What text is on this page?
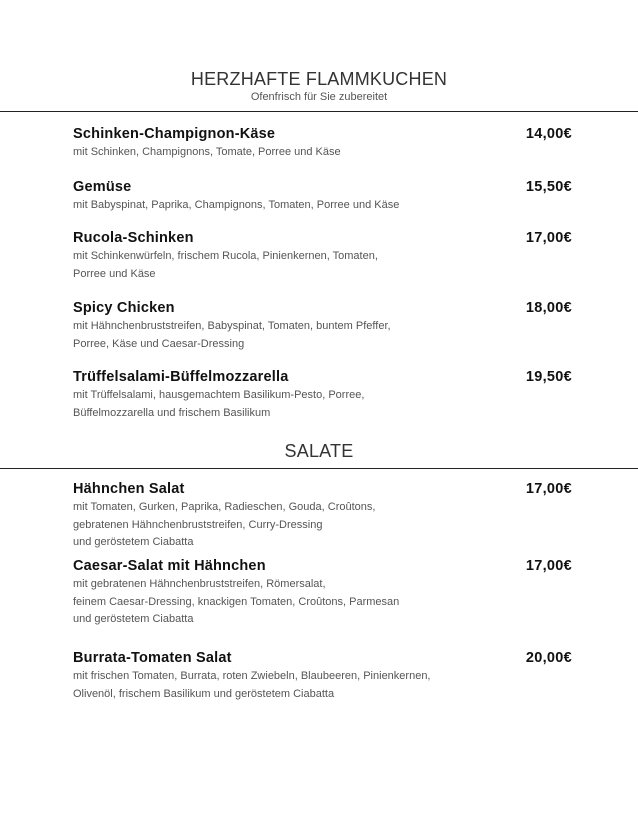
HERZHAFTE FLAMMKUCHEN

Ofenfrisch für Sie zubereitet

Schinken-Champignon-Käse	14,00€
mit Schinken, Champignons, Tomate, Porree und Käse
Gemüse	15,50€
mit Babyspinat, Paprika, Champignons, Tomaten, Porree und Käse
Rucola-Schinken	17,00€
mit Schinkenwürfeln, frischem Rucola, Pinienkernen, Tomaten,
Porree und Käse
Spicy Chicken	18,00€
mit Hähnchenbruststreifen, Babyspinat, Tomaten, buntem Pfeffer,
Porree, Käse und Caesar-Dressing
Trüffelsalami-Büffelmozzarella	19,50€
mit Trüffelsalami, hausgemachtem Basilikum-Pesto, Porree,
Büffelmozzarella und frischem Basilikum
SALATE
Hähnchen Salat	17,00€
mit Tomaten, Gurken, Paprika, Radieschen, Gouda, Croûtons,
gebratenen Hähnchenbruststreifen, Curry-Dressing
und geröstetem Ciabatta
Caesar-Salat mit Hähnchen	17,00€
mit gebratenen Hähnchenbruststreifen, Römersalat,
feinem Caesar-Dressing, knackigen Tomaten, Croûtons, Parmesan
und geröstetem Ciabatta
Burrata-Tomaten Salat	20,00€
mit frischen Tomaten, Burrata, roten Zwiebeln, Blaubeeren, Pinienkernen,
Olivenöl, frischem Basilikum und geröstetem Ciabatta
